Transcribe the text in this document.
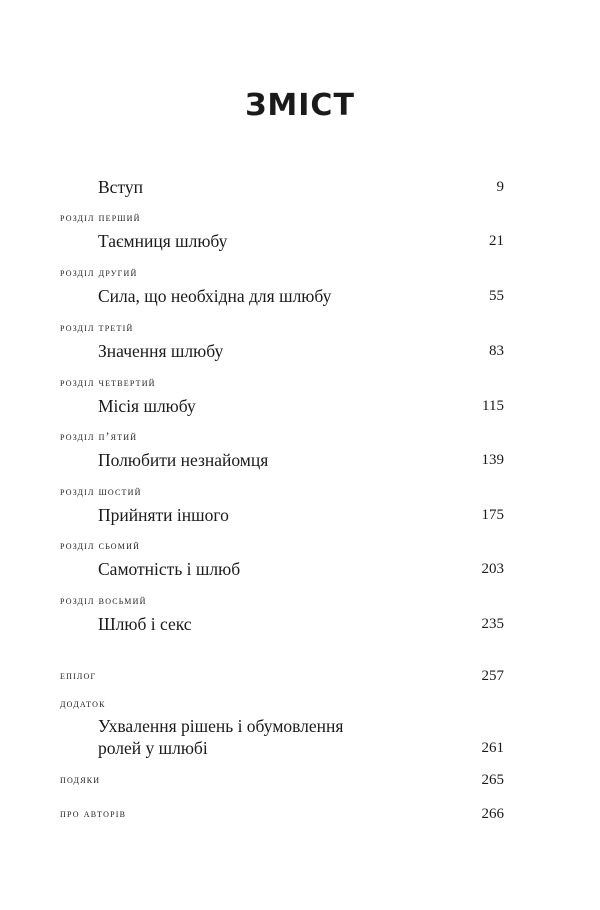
ЗМІСТ
Вступ	9
розділ перший
Таємниця шлюбу	21
розділ другий
Сила, що необхідна для шлюбу	55
розділ третій
Значення шлюбу	83
розділ четвертий
Місія шлюбу	115
розділ п’ятий
Полюбити незнайомця	139
розділ шостий
Прийняти іншого	175
розділ сьомий
Самотність і шлюб	203
розділ восьмий
Шлюб і секс	235
епілог	257
додаток
Ухвалення рішень і обумовлення
ролей у шлюбі	261
подяки	265
про авторів	266
